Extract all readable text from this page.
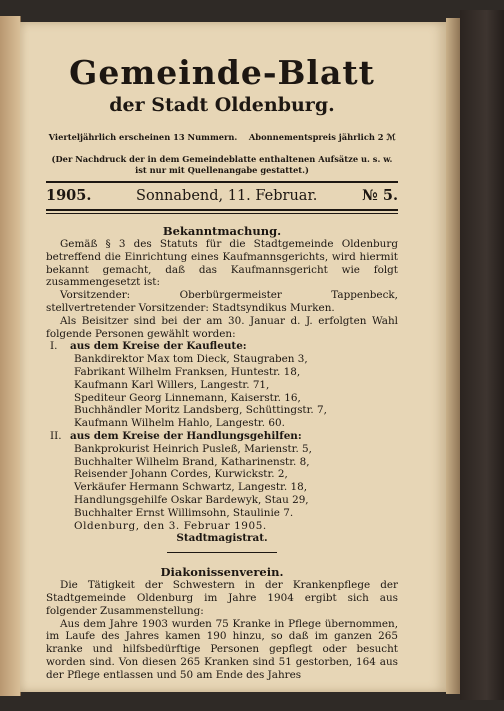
Gemeinde-Blatt
der Stadt Oldenburg.
Vierteljährlich erscheinen 13 Nummern. Abonnementspreis jährlich 2 ℳ
(Der Nachdruck der in dem Gemeindeblatte enthaltenen Aufsätze u. s. w.
ist nur mit Quellenangabe gestattet.)
1905.	Sonnabend, 11. Februar.	№ 5.
Bekanntmachung.

Gemäß § 3 des Statuts für die Stadtgemeinde Oldenburg betreffend die Einrichtung eines Kaufmannsgerichts, wird hiermit bekannt gemacht, daß das Kaufmannsgericht wie folgt zusammengesetzt ist:

Vorsitzender: Oberbürgermeister Tappenbeck, stellvertretender Vorsitzender: Stadtsyndikus Murken.

Als Beisitzer sind bei der am 30. Januar d. J. erfolgten Wahl folgende Personen gewählt worden:

I. aus dem Kreise der Kaufleute:
Bankdirektor Max tom Dieck, Staugraben 3,
Fabrikant Wilhelm Franksen, Huntestr. 18,
Kaufmann Karl Willers, Langestr. 71,
Spediteur Georg Linnemann, Kaiserstr. 16,
Buchhändler Moritz Landsberg, Schüttingstr. 7,
Kaufmann Wilhelm Hahlo, Langestr. 60.
II. aus dem Kreise der Handlungsgehilfen:
Bankprokurist Heinrich Pusleß, Marienstr. 5,
Buchhalter Wilhelm Brand, Katharinenstr. 8,
Reisender Johann Cordes, Kurwickstr. 2,
Verkäufer Hermann Schwartz, Langestr. 18,
Handlungsgehilfe Oskar Bardewyk, Stau 29,
Buchhalter Ernst Willimsohn, Staulinie 7.
Oldenburg, den 3. Februar 1905.
Stadtmagistrat.
Diakonissenverein.

Die Tätigkeit der Schwestern in der Krankenpflege der Stadtgemeinde Oldenburg im Jahre 1904 ergibt sich aus folgender Zusammenstellung:

Aus dem Jahre 1903 wurden 75 Kranke in Pflege übernommen, im Laufe des Jahres kamen 190 hinzu, so daß im ganzen 265 kranke und hilfsbedürftige Personen gepflegt oder besucht worden sind. Von diesen 265 Kranken sind 51 gestorben, 164 aus der Pflege entlassen und 50 am Ende des Jahres
